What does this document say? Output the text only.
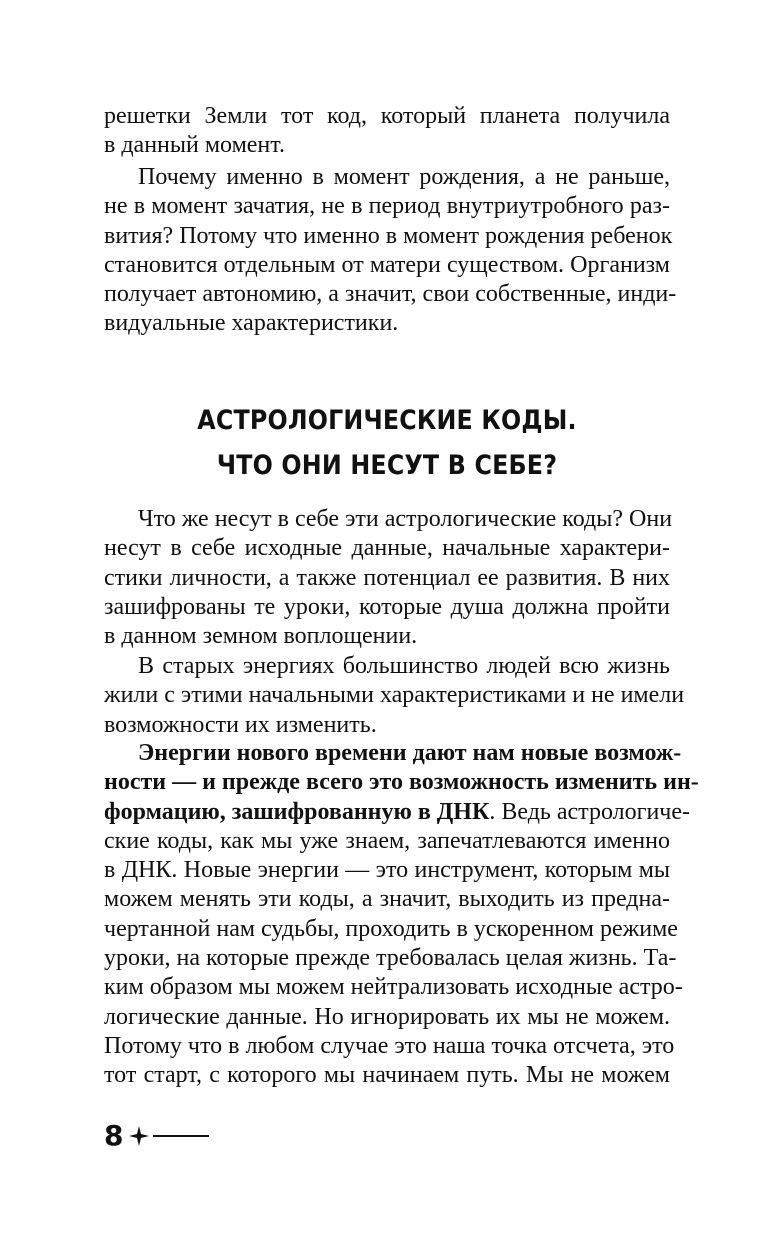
решетки Земли тот код, который планета получила
в данный момент.
Почему именно в момент рождения, а не раньше,
не в момент зачатия, не в период внутриутробного раз-
вития? Потому что именно в момент рождения ребенок
становится отдельным от матери существом. Организм
получает автономию, а значит, свои собственные, инди-
видуальные характеристики.
АСТРОЛОГИЧЕСКИЕ КОДЫ.
ЧТО ОНИ НЕСУТ В СЕБЕ?
Что же несут в себе эти астрологические коды? Они
несут в себе исходные данные, начальные характери-
стики личности, а также потенциал ее развития. В них
зашифрованы те уроки, которые душа должна пройти
в данном земном воплощении.
В старых энергиях большинство людей всю жизнь
жили с этими начальными характеристиками и не имели
возможности их изменить.
Энергии нового времени дают нам новые возмож-
ности — и прежде всего это возможность изменить ин-
формацию, зашифрованную в ДНК. Ведь астрологиче-
ские коды, как мы уже знаем, запечатлеваются именно
в ДНК. Новые энергии — это инструмент, которым мы
можем менять эти коды, а значит, выходить из предна-
чертанной нам судьбы, проходить в ускоренном режиме
уроки, на которые прежде требовалась целая жизнь. Та-
ким образом мы можем нейтрализовать исходные астро-
логические данные. Но игнорировать их мы не можем.
Потому что в любом случае это наша точка отсчета, это
тот старт, с которого мы начинаем путь. Мы не можем
8
